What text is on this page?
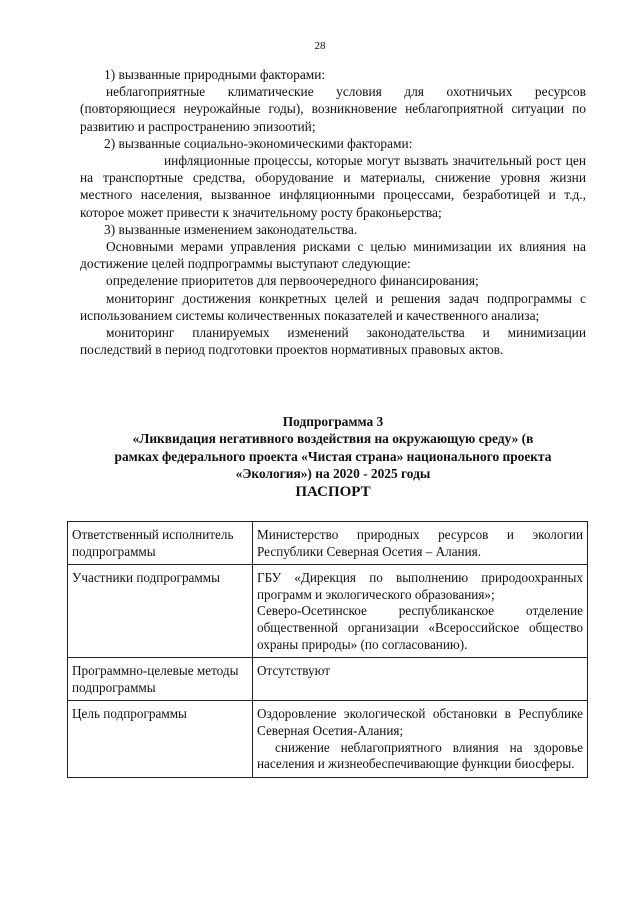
28

1) вызванные природными факторами:

неблагоприятные климатические условия для охотничьих ресурсов (повторяющиеся неурожайные годы), возникновение неблагоприятной ситуации по развитию и распространению эпизоотий;

2) вызванные социально-экономическими факторами:

инфляционные процессы, которые могут вызвать значительный рост цен на транспортные средства, оборудование и материалы, снижение уровня жизни местного населения, вызванное инфляционными процессами, безработицей и т.д., которое может привести к значительному росту браконьерства;

3) вызванные изменением законодательства.

Основными мерами управления рисками с целью минимизации их влияния на достижение целей подпрограммы выступают следующие:

определение приоритетов для первоочередного финансирования;

мониторинг достижения конкретных целей и решения задач подпрограммы с использованием системы количественных показателей и качественного анализа;

мониторинг планируемых изменений законодательства и минимизации последствий в период подготовки проектов нормативных правовых актов.

Подпрограмма 3
«Ликвидация негативного воздействия на окружающую среду» (в
рамках федерального проекта «Чистая страна» национального проекта
«Экология») на 2020 - 2025 годы
ПАСПОРТ
Ответственный исполнитель подпрограммы	Министерство природных ресурсов и экологии Республики Северная Осетия – Алания.

Участники подпрограммы	ГБУ «Дирекция по выполнению природоохранных программ и экологического образования»;

Северо-Осетинское республиканское отделение общественной организации «Всероссийское общество охраны природы» (по согласованию).

Программно-целевые методы подпрограммы	Отсутствуют

Цель подпрограммы	Оздоровление экологической обстановки в Республике Северная Осетия-Алания;

снижение неблагоприятного влияния на здоровье населения и жизнеобеспечивающие функции биосферы.
